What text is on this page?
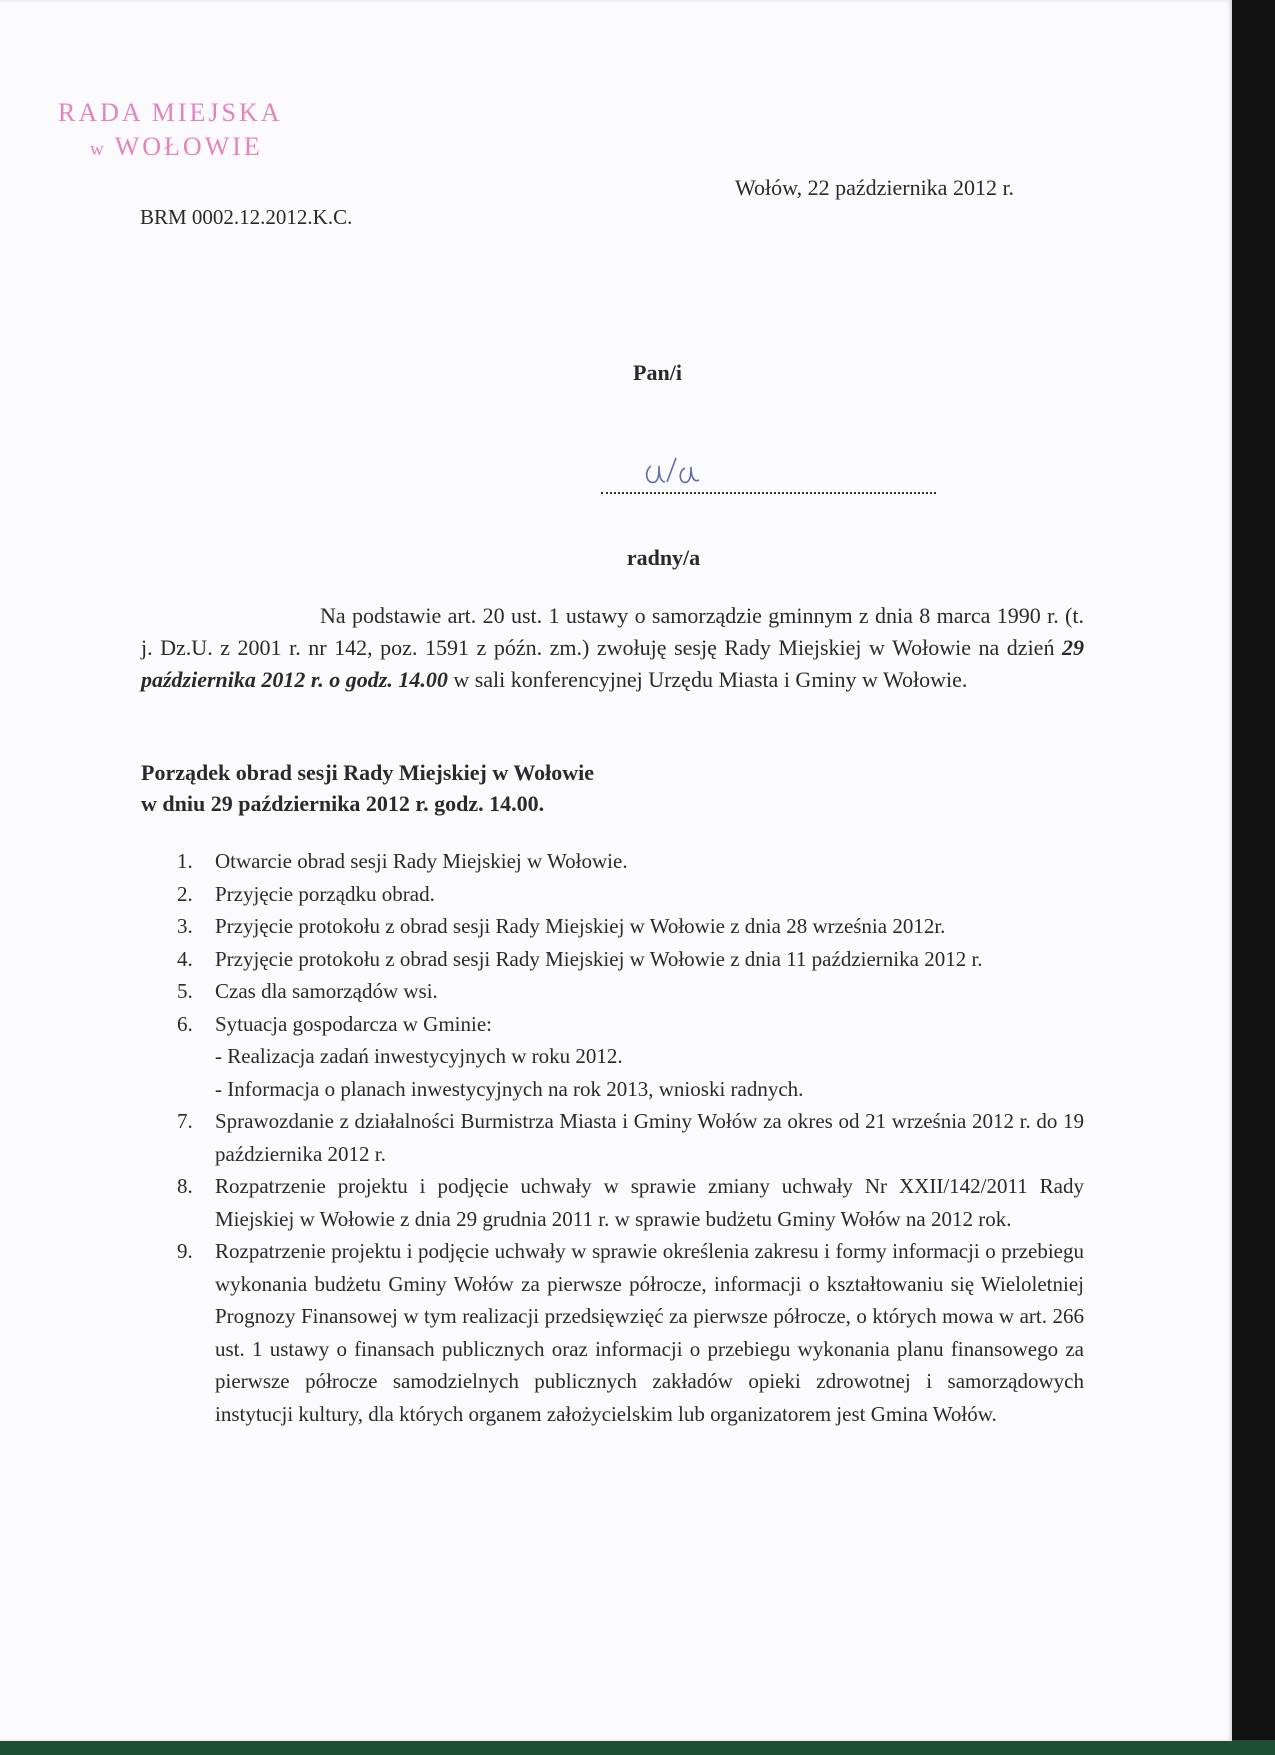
RADA MIEJSKA
w WOŁOWIE
Wołów, 22 października 2012 r.
BRM 0002.12.2012.K.C.
Pan/i
radny/a
Na podstawie art. 20 ust. 1 ustawy o samorządzie gminnym z dnia 8 marca 1990 r. (t. j. Dz.U. z 2001 r. nr 142, poz. 1591 z późn. zm.) zwołuję sesję Rady Miejskiej w Wołowie na dzień 29 października 2012 r. o godz. 14.00 w sali konferencyjnej Urzędu Miasta i Gminy w Wołowie.
Porządek obrad sesji Rady Miejskiej w Wołowie
w dniu 29 października 2012 r. godz. 14.00.
1. Otwarcie obrad sesji Rady Miejskiej w Wołowie.
2. Przyjęcie porządku obrad.
3. Przyjęcie protokołu z obrad sesji Rady Miejskiej w Wołowie z dnia 28 września 2012r.
4. Przyjęcie protokołu z obrad sesji Rady Miejskiej w Wołowie z dnia 11 października 2012 r.
5. Czas dla samorządów wsi.
6. Sytuacja gospodarcza w Gminie:
- Realizacja zadań inwestycyjnych w roku 2012.
- Informacja o planach inwestycyjnych na rok 2013, wnioski radnych.
7. Sprawozdanie z działalności Burmistrza Miasta i Gminy Wołów za okres od 21 września 2012 r. do 19 października 2012 r.
8. Rozpatrzenie projektu i podjęcie uchwały w sprawie zmiany uchwały Nr XXII/142/2011 Rady Miejskiej w Wołowie z dnia 29 grudnia 2011 r. w sprawie budżetu Gminy Wołów na 2012 rok.
9. Rozpatrzenie projektu i podjęcie uchwały w sprawie określenia zakresu i formy informacji o przebiegu wykonania budżetu Gminy Wołów za pierwsze półrocze, informacji o kształtowaniu się Wieloletniej Prognozy Finansowej w tym realizacji przedsięwzięć za pierwsze półrocze, o których mowa w art. 266 ust. 1 ustawy o finansach publicznych oraz informacji o przebiegu wykonania planu finansowego za pierwsze półrocze samodzielnych publicznych zakładów opieki zdrowotnej i samorządowych instytucji kultury, dla których organem założycielskim lub organizatorem jest Gmina Wołów.
